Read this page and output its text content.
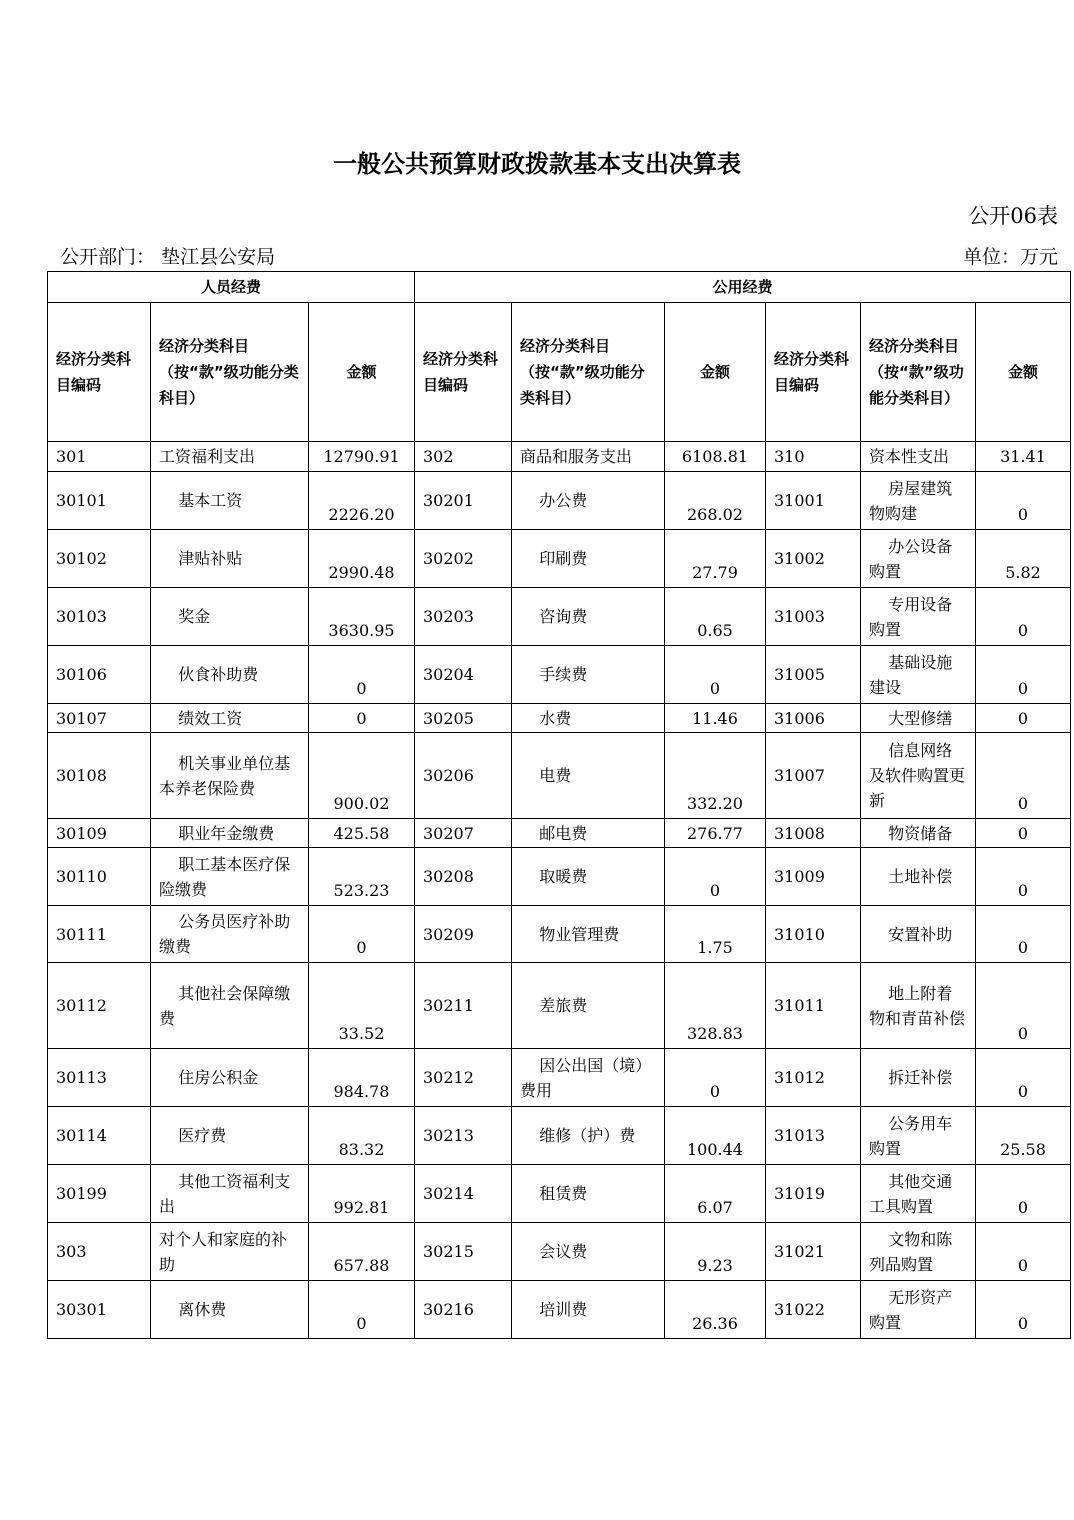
一般公共预算财政拨款基本支出决算表
公开06表
公开部门： 垫江县公安局	单位：万元
人员经费			公用经费					
经济分类科目编码	经济分类科目（按“款”级功能分类科目）	金额	经济分类科目编码	经济分类科目（按“款”级功能分类科目）	金额	经济分类科目编码	经济分类科目（按“款”级功能分类科目）	金额
301	工资福利支出	12790.91	302	商品和服务支出	6108.81	310	资本性支出	31.41
30101	基本工资	2226.20	30201	办公费	268.02	31001	房屋建筑物购建	0
30102	津贴补贴	2990.48	30202	印刷费	27.79	31002	办公设备购置	5.82
30103	奖金	3630.95	30203	咨询费	0.65	31003	专用设备购置	0
30106	伙食补助费	0	30204	手续费	0	31005	基础设施建设	0
30107	绩效工资	0	30205	水费	11.46	31006	大型修缮	0
30108	机关事业单位基本养老保险费	900.02	30206	电费	332.20	31007	信息网络及软件购置更新	0
30109	职业年金缴费	425.58	30207	邮电费	276.77	31008	物资储备	0
30110	职工基本医疗保险缴费	523.23	30208	取暖费	0	31009	土地补偿	0
30111	公务员医疗补助缴费	0	30209	物业管理费	1.75	31010	安置补助	0
30112	其他社会保障缴费	33.52	30211	差旅费	328.83	31011	地上附着物和青苗补偿	0
30113	住房公积金	984.78	30212	因公出国（境）费用	0	31012	拆迁补偿	0
30114	医疗费	83.32	30213	维修（护）费	100.44	31013	公务用车购置	25.58
30199	其他工资福利支出	992.81	30214	租赁费	6.07	31019	其他交通工具购置	0
303	对个人和家庭的补助	657.88	30215	会议费	9.23	31021	文物和陈列品购置	0
30301	离休费	0	30216	培训费	26.36	31022	无形资产购置	0
